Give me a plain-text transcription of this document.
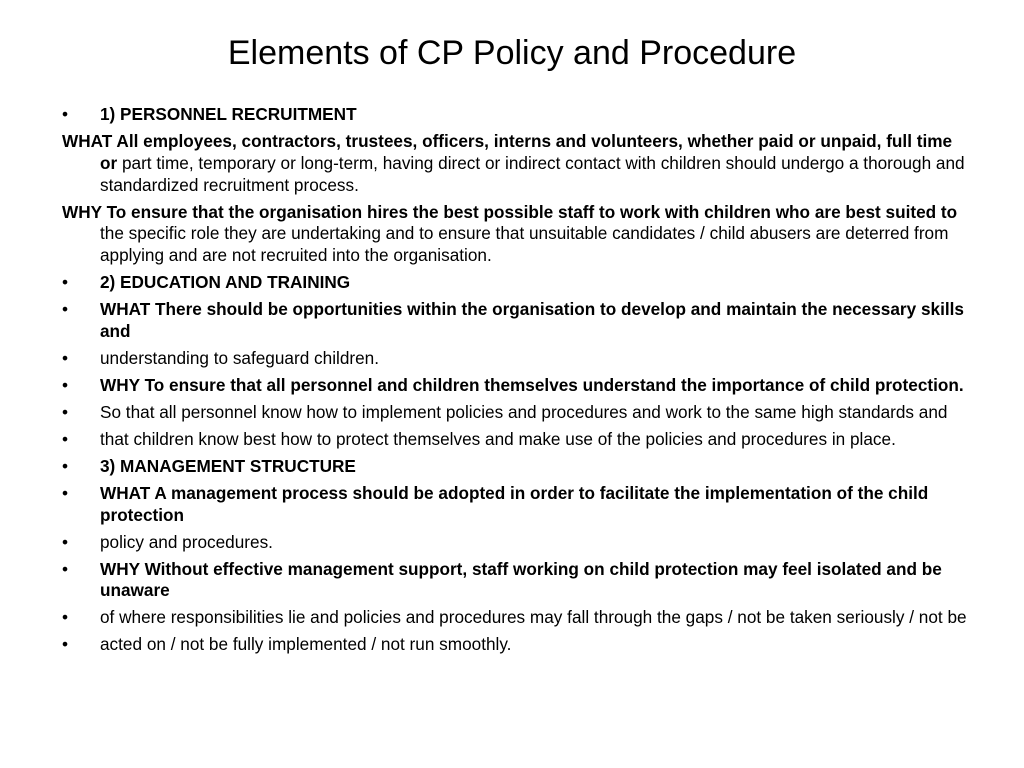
Elements of CP Policy and Procedure
•	1) PERSONNEL RECRUITMENT
WHAT All employees, contractors, trustees, officers, interns and volunteers, whether paid or unpaid, full time or part time, temporary or long-term, having direct or indirect contact with children should undergo a thorough and standardized recruitment process.
WHY To ensure that the organisation hires the best possible staff to work with children who are best suited to the specific role they are undertaking and to ensure that unsuitable candidates / child abusers are deterred from applying and are not recruited into the organisation.
•	2) EDUCATION AND TRAINING
•	WHAT There should be opportunities within the organisation to develop and maintain the necessary skills and
•	understanding to safeguard children.
•	WHY To ensure that all personnel and children themselves understand the importance of child protection.
•	So that all personnel know how to implement policies and procedures and work to the same high standards and
•	that children know best how to protect themselves and make use of the policies and procedures in place.
•	3) MANAGEMENT STRUCTURE
•	WHAT A management process should be adopted in order to facilitate the implementation of the child protection
•	policy and procedures.
•	WHY Without effective management support, staff working on child protection may feel isolated and be unaware
•	of where responsibilities lie and policies and procedures may fall through the gaps / not be taken seriously / not be
•	acted on / not be fully implemented / not run smoothly.
